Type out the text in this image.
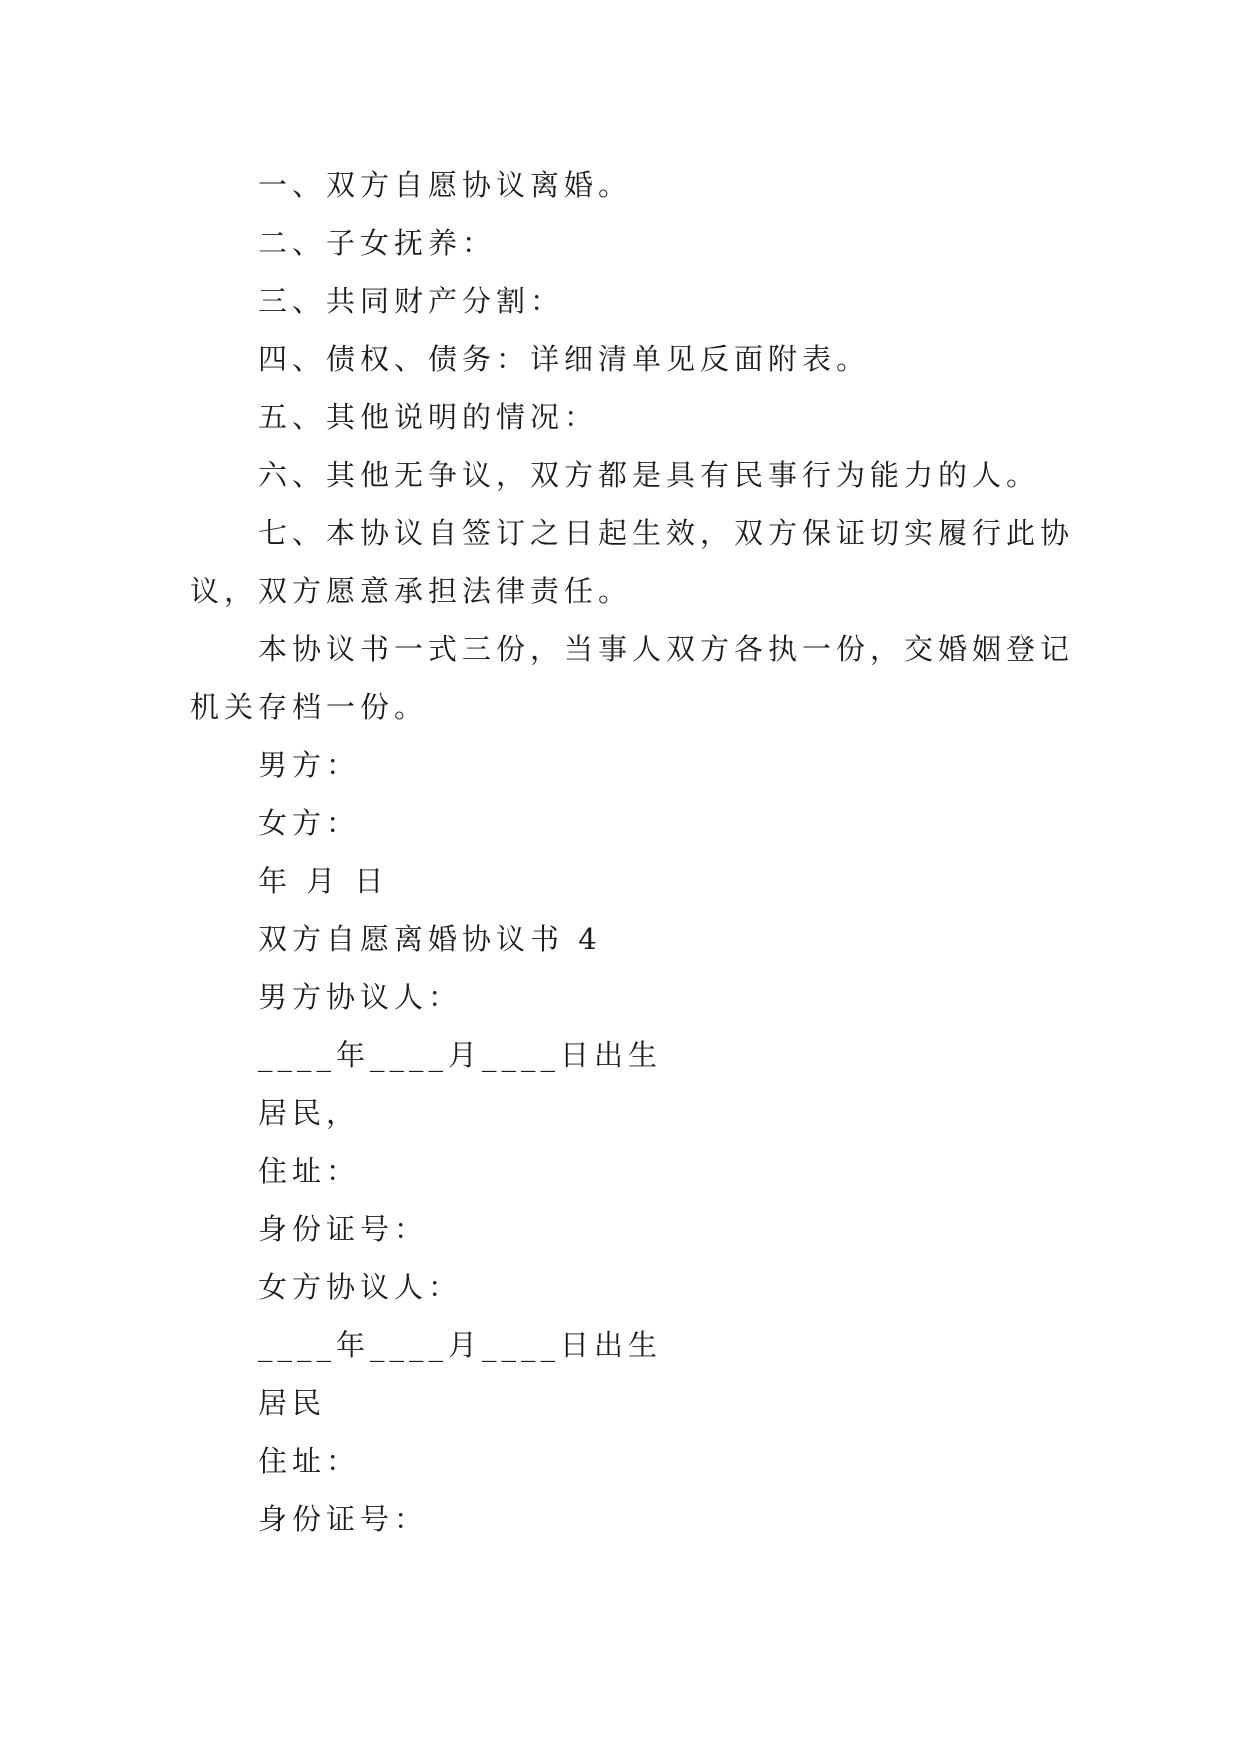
一、双方自愿协议离婚。
二、子女抚养：
三、共同财产分割：
四、债权、债务：详细清单见反面附表。
五、其他说明的情况：
六、其他无争议，双方都是具有民事行为能力的人。
七、本协议自签订之日起生效，双方保证切实履行此协
议，双方愿意承担法律责任。
本协议书一式三份，当事人双方各执一份，交婚姻登记
机关存档一份。
男方：
女方：
年 月 日
双方自愿离婚协议书 4
男方协议人：
____年____月____日出生
居民，
住址：
身份证号：
女方协议人：
____年____月____日出生
居民
住址：
身份证号：
